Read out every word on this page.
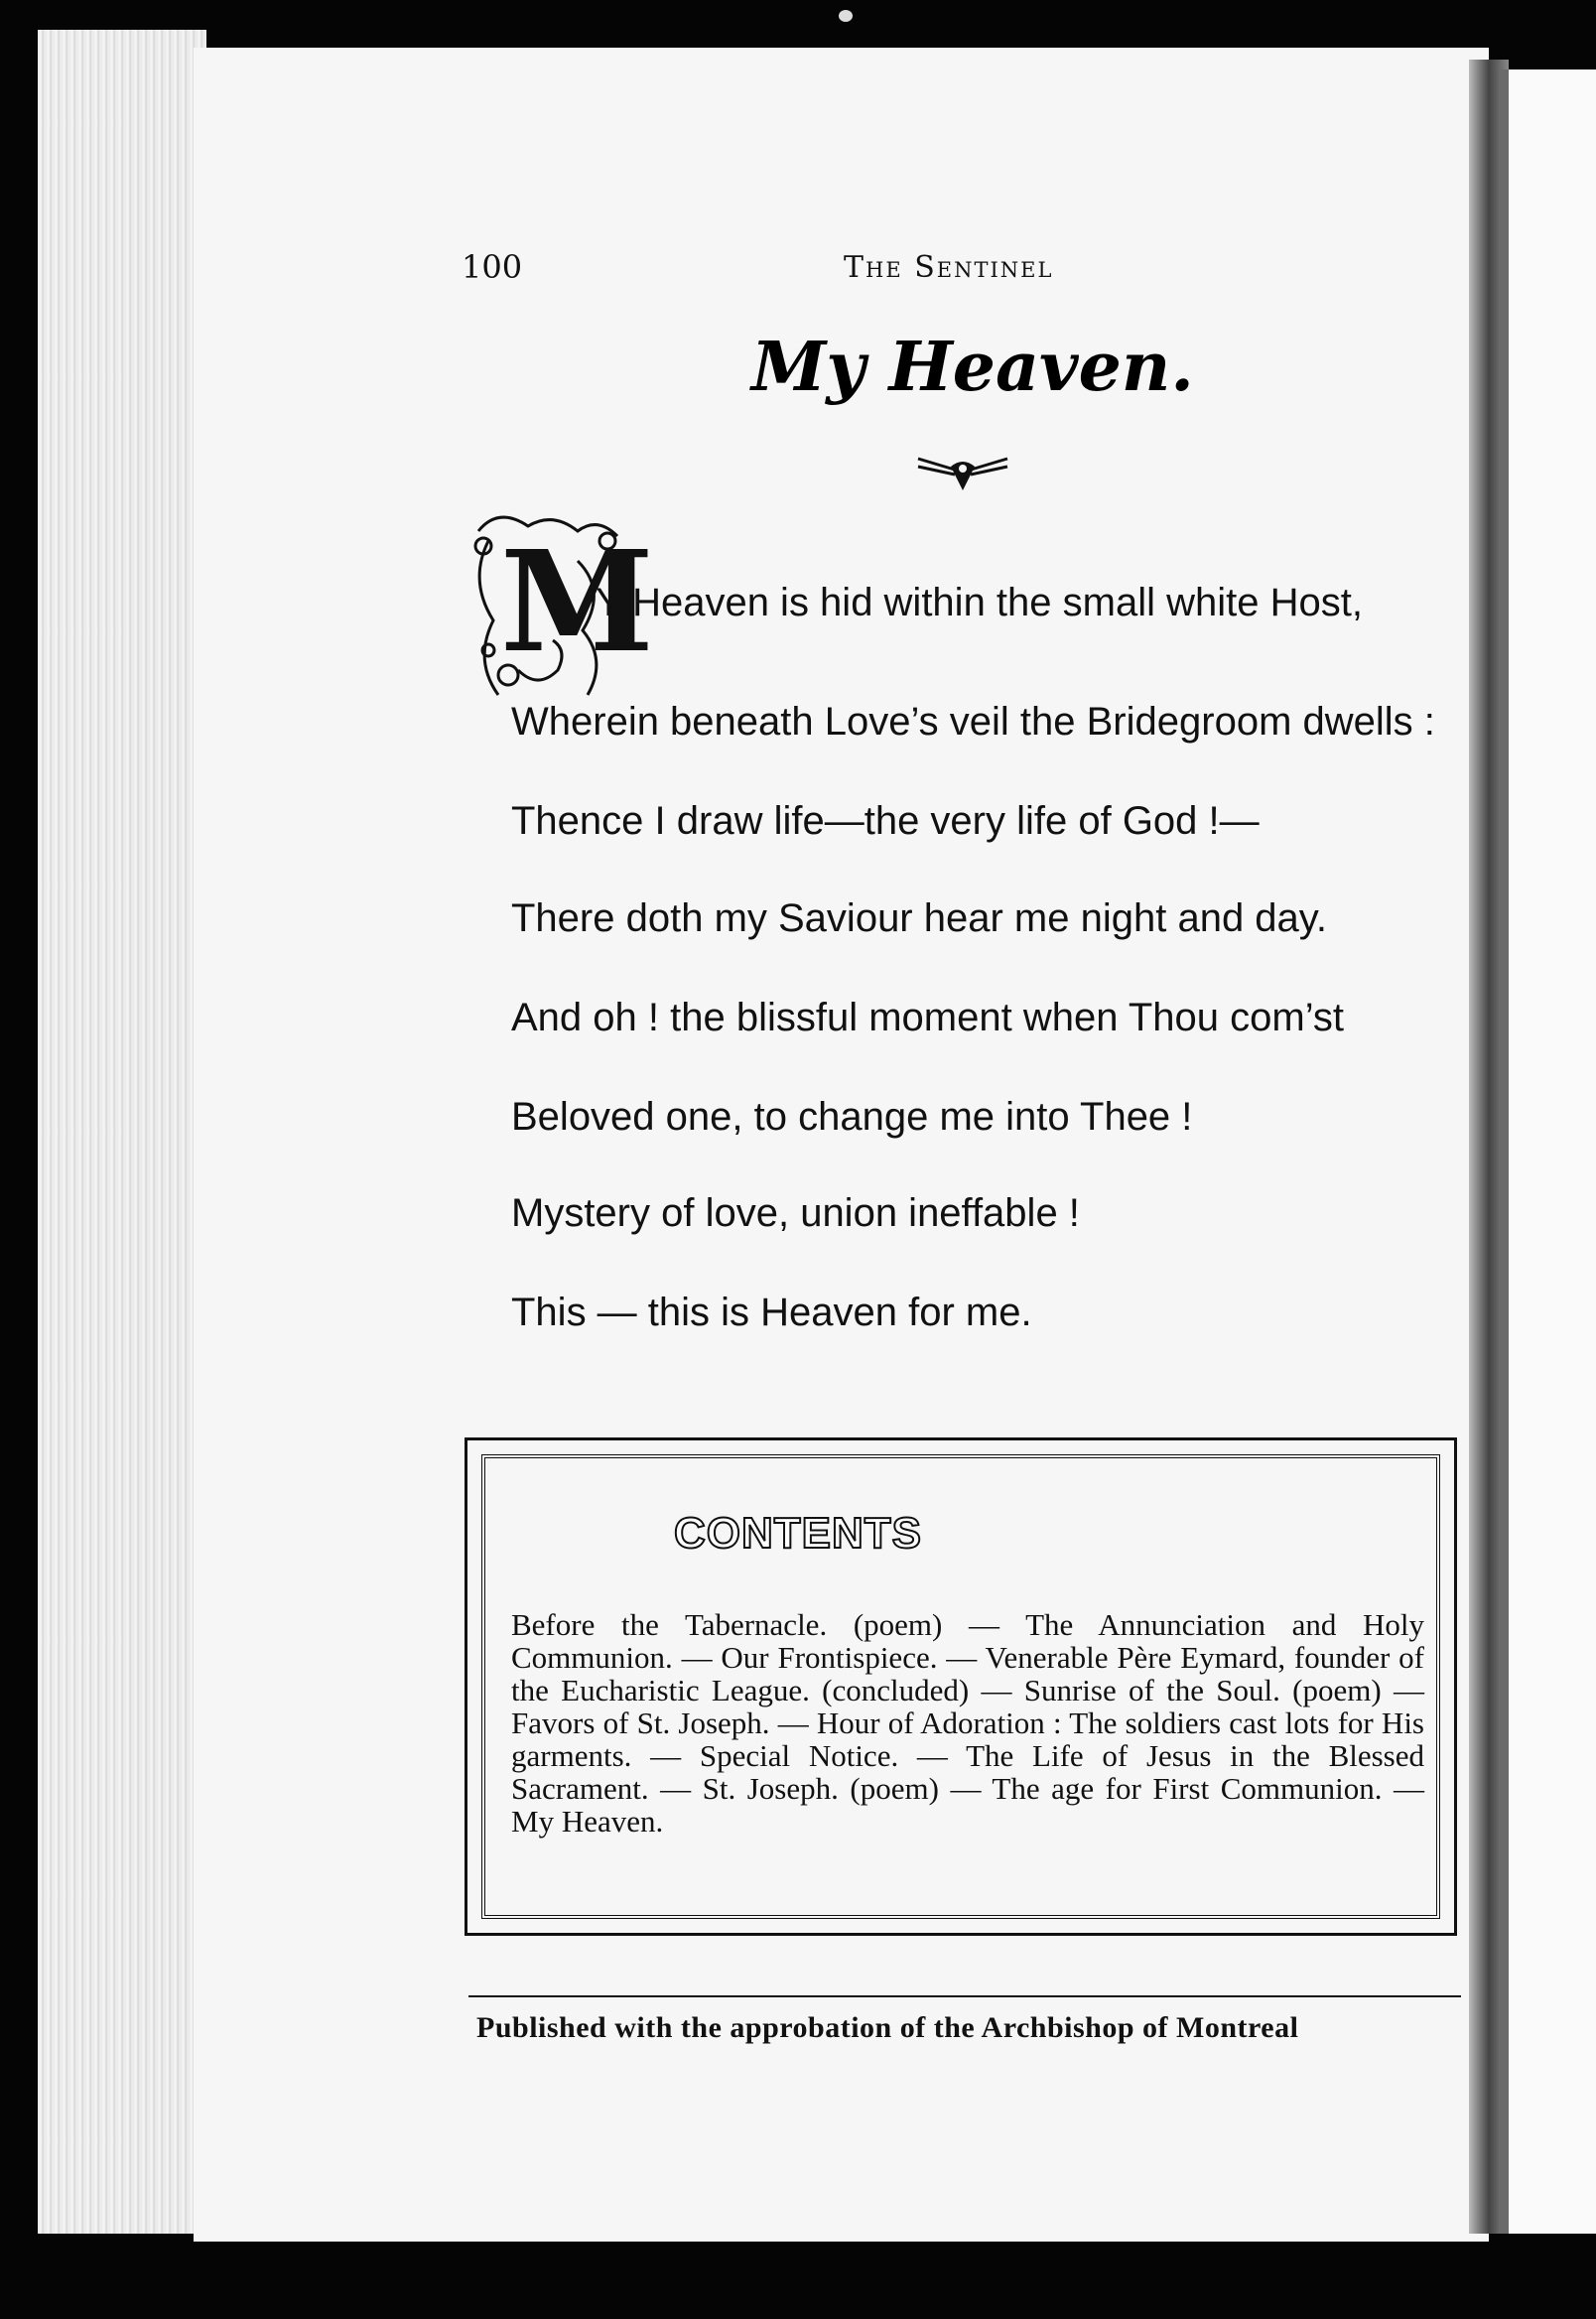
100	The Sentinel
My Heaven.
M
Y Heaven is hid within the small white Host,
Wherein beneath Love’s veil the Bridegroom dwells :
Thence I draw life—the very life of God !—
There doth my Saviour hear me night and day.
And oh ! the blissful moment when Thou com’st
Beloved one, to change me into Thee !
Mystery of love, union ineffable !
This — this is Heaven for me.
CONTENTS
Before the Tabernacle. (poem) — The Annunciation and Holy Communion. — Our Frontispiece. — Venerable Père Eymard, founder of the Eucharistic League. (concluded) — Sunrise of the Soul. (poem) — Favors of St. Joseph. — Hour of Adoration : The soldiers cast lots for His garments. — Special Notice. — The Life of Jesus in the Blessed Sacrament. — St. Joseph. (poem) — The age for First Communion. — My Heaven.
Published with the approbation of the Archbishop of Montreal
